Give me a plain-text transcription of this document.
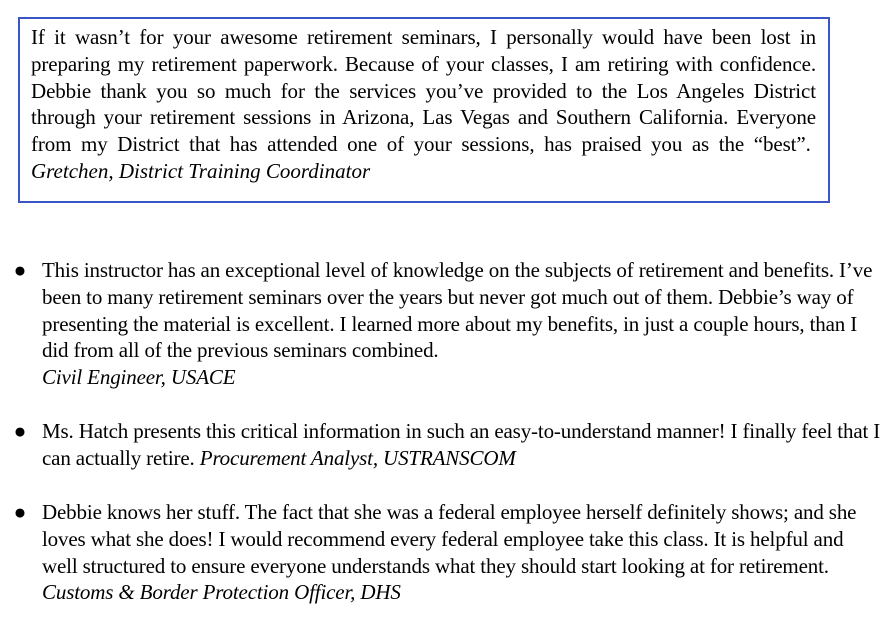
If it wasn’t for your awesome retirement seminars, I personally would have been lost in preparing my retirement paperwork. Because of your classes, I am retiring with confidence. Debbie thank you so much for the services you’ve provided to the Los Angeles District through your retirement sessions in Arizona, Las Vegas and Southern California. Everyone from my District that has attended one of your sessions, has praised you as the “best”.  Gretchen, District Training Coordinator
● This instructor has an exceptional level of knowledge on the subjects of retirement and benefits. I’ve been to many retirement seminars over the years but never got much out of them. Debbie’s way of presenting the material is excellent. I learned more about my benefits, in just a couple hours, than I did from all of the previous seminars combined.
Civil Engineer, USACE
● Ms. Hatch presents this critical information in such an easy-to-understand manner! I finally feel that I can actually retire. Procurement Analyst, USTRANSCOM
● Debbie knows her stuff. The fact that she was a federal employee herself definitely shows; and she loves what she does! I would recommend every federal employee take this class. It is helpful and well structured to ensure everyone understands what they should start looking at for retirement. Customs & Border Protection Officer, DHS
